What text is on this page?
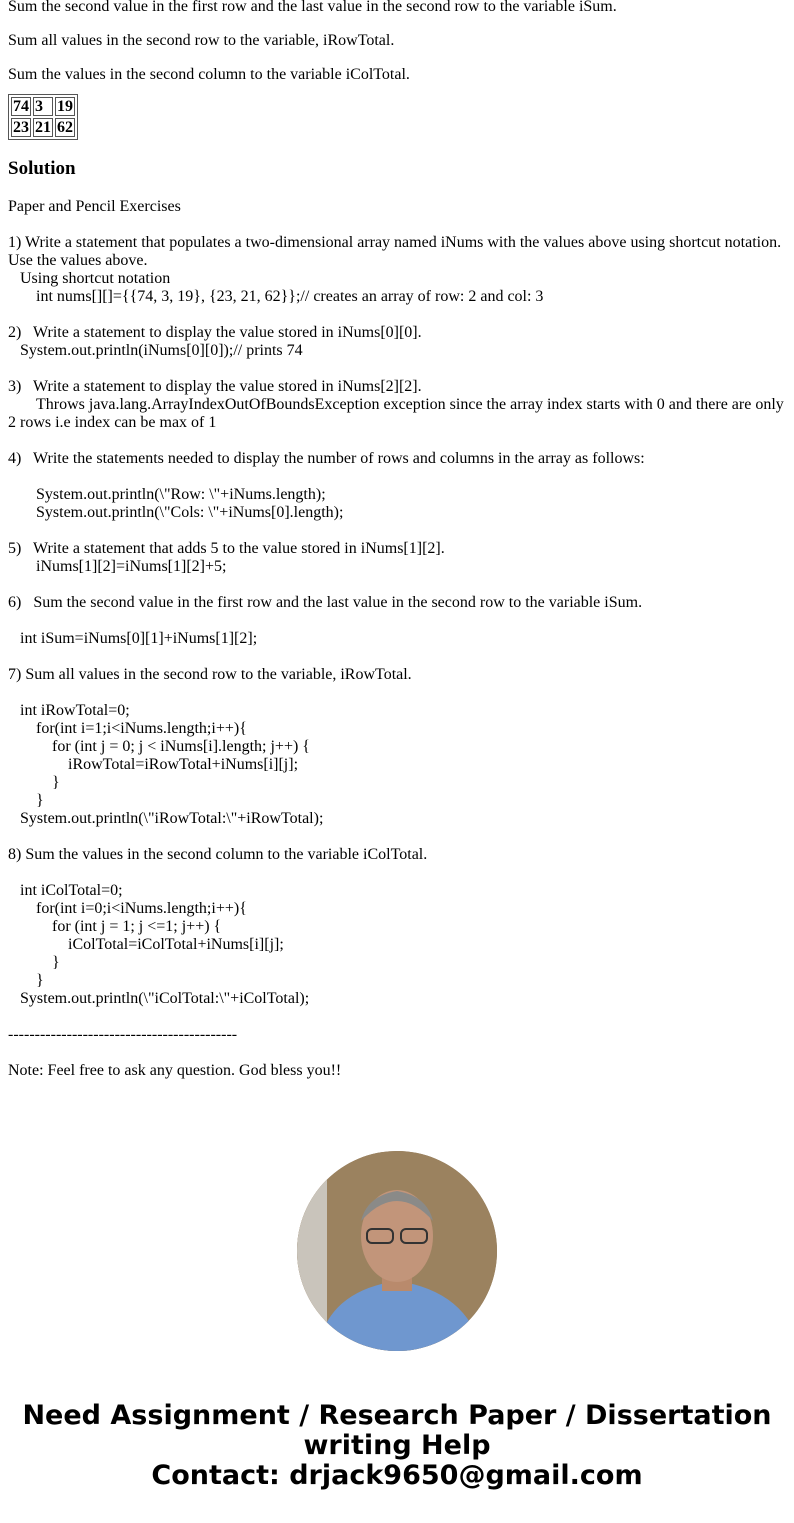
Sum the second value in the first row and the last value in the second row to the variable iSum.
Sum all values in the second row to the variable, iRowTotal.
Sum the values in the second column to the variable iColTotal.
74	3	19
23	21	62
Solution
Paper and Pencil Exercises
1) Write a statement that populates a two-dimensional array named iNums with the values above using shortcut notation. Use the values above.
Using shortcut notation
int nums[][]={{74, 3, 19}, {23, 21, 62}};// creates an array of row: 2 and col: 3
2)   Write a statement to display the value stored in iNums[0][0].
System.out.println(iNums[0][0]);// prints 74
3)   Write a statement to display the value stored in iNums[2][2].
Throws java.lang.ArrayIndexOutOfBoundsException exception since the array index starts with 0 and there are only 2 rows i.e index can be max of 1
4)   Write the statements needed to display the number of rows and columns in the array as follows:
System.out.println(\"Row: \"+iNums.length);
System.out.println(\"Cols: \"+iNums[0].length);
5)   Write a statement that adds 5 to the value stored in iNums[1][2].
iNums[1][2]=iNums[1][2]+5;
6)   Sum the second value in the first row and the last value in the second row to the variable iSum.
int iSum=iNums[0][1]+iNums[1][2];
7) Sum all values in the second row to the variable, iRowTotal.
int iRowTotal=0;
for(int i=1;i<iNums.length;i++){
for (int j = 0; j < iNums[i].length; j++) {
iRowTotal=iRowTotal+iNums[i][j];
}
}
System.out.println(\"iRowTotal:\"+iRowTotal);
8) Sum the values in the second column to the variable iColTotal.
int iColTotal=0;
for(int i=0;i<iNums.length;i++){
for (int j = 1; j <=1; j++) {
iColTotal=iColTotal+iNums[i][j];
}
}
System.out.println(\"iColTotal:\"+iColTotal);
-------------------------------------------
Note: Feel free to ask any question. God bless you!!
Need Assignment / Research Paper / Dissertation
writing Help
Contact: drjack9650@gmail.com
